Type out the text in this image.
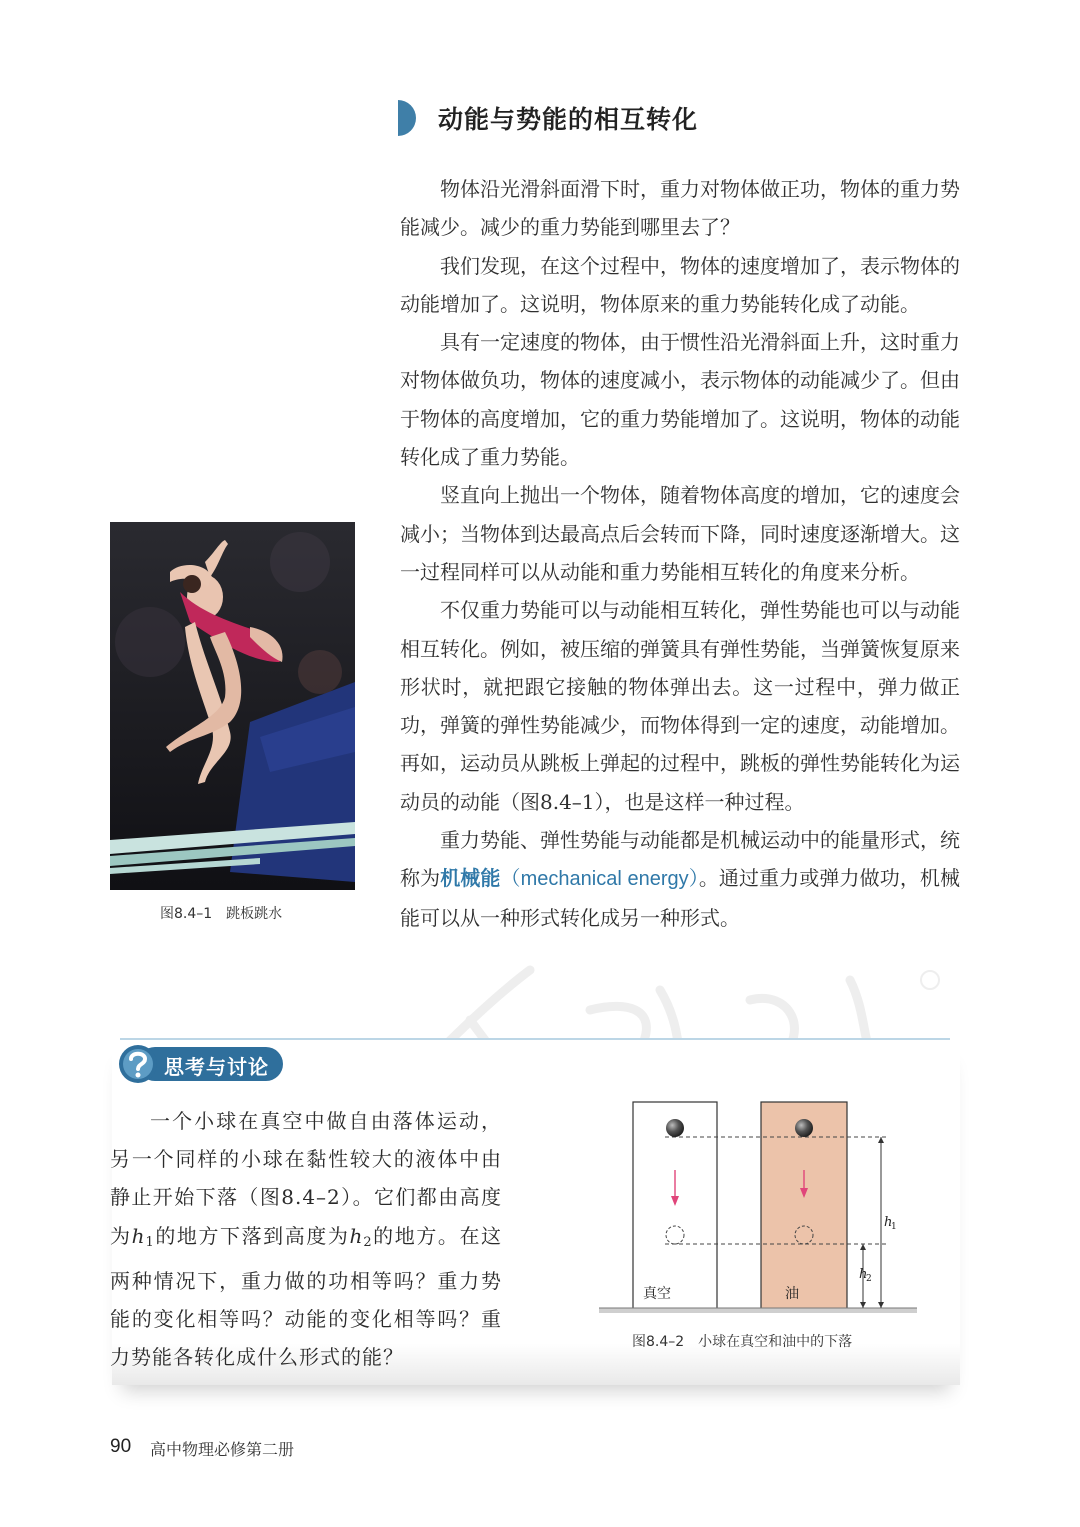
动能与势能的相互转化

物体沿光滑斜面滑下时，重力对物体做正功，物体的重力势能减少。减少的重力势能到哪里去了？

我们发现，在这个过程中，物体的速度增加了，表示物体的动能增加了。这说明，物体原来的重力势能转化成了动能。

具有一定速度的物体，由于惯性沿光滑斜面上升，这时重力对物体做负功，物体的速度减小，表示物体的动能减少了。但由于物体的高度增加，它的重力势能增加了。这说明，物体的动能转化成了重力势能。

竖直向上抛出一个物体，随着物体高度的增加，它的速度会减小；当物体到达最高点后会转而下降，同时速度逐渐增大。这一过程同样可以从动能和重力势能相互转化的角度来分析。

不仅重力势能可以与动能相互转化，弹性势能也可以与动能相互转化。例如，被压缩的弹簧具有弹性势能，当弹簧恢复原来形状时，就把跟它接触的物体弹出去。这一过程中，弹力做正功，弹簧的弹性势能减少，而物体得到一定的速度，动能增加。再如，运动员从跳板上弹起的过程中，跳板的弹性势能转化为运动员的动能（图8.4–1），也是这样一种过程。

重力势能、弹性势能与动能都是机械运动中的能量形式，统称为机械能（mechanical energy）。通过重力或弹力做功，机械能可以从一种形式转化成另一种形式。

图8.4–1　跳板跳水
思考与讨论

一个小球在真空中做自由落体运动，另一个同样的小球在黏性较大的液体中由静止开始下落（图8.4–2）。它们都由高度为$h_1$的地方下落到高度为$h_2$的地方。在这两种情况下，重力做的功相等吗？重力势能的变化相等吗？动能的变化相等吗？重力势能各转化成什么形式的能？

真空	油
h
1
h
2
图8.4–2　小球在真空和油中的下落
90 高中物理必修第二册
